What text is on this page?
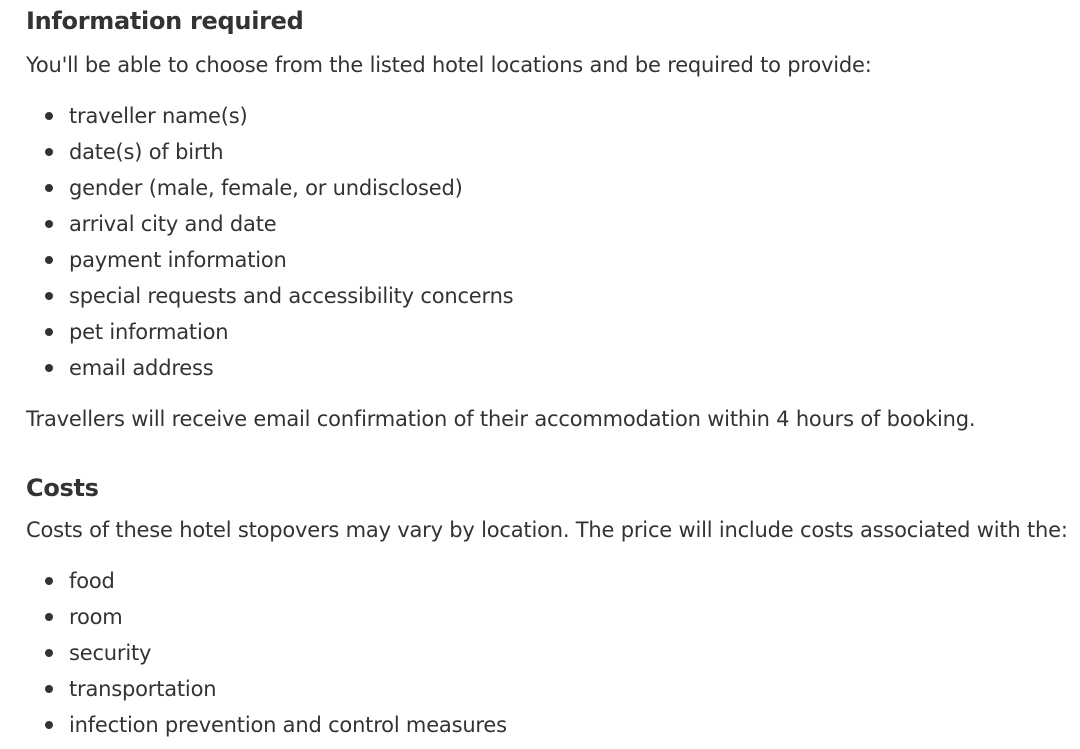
Information required

You'll be able to choose from the listed hotel locations and be required to provide:

traveller name(s)
date(s) of birth
gender (male, female, or undisclosed)
arrival city and date
payment information
special requests and accessibility concerns
pet information
email address

Travellers will receive email confirmation of their accommodation within 4 hours of booking.

Costs

Costs of these hotel stopovers may vary by location. The price will include costs associated with the:

food
room
security
transportation
infection prevention and control measures
